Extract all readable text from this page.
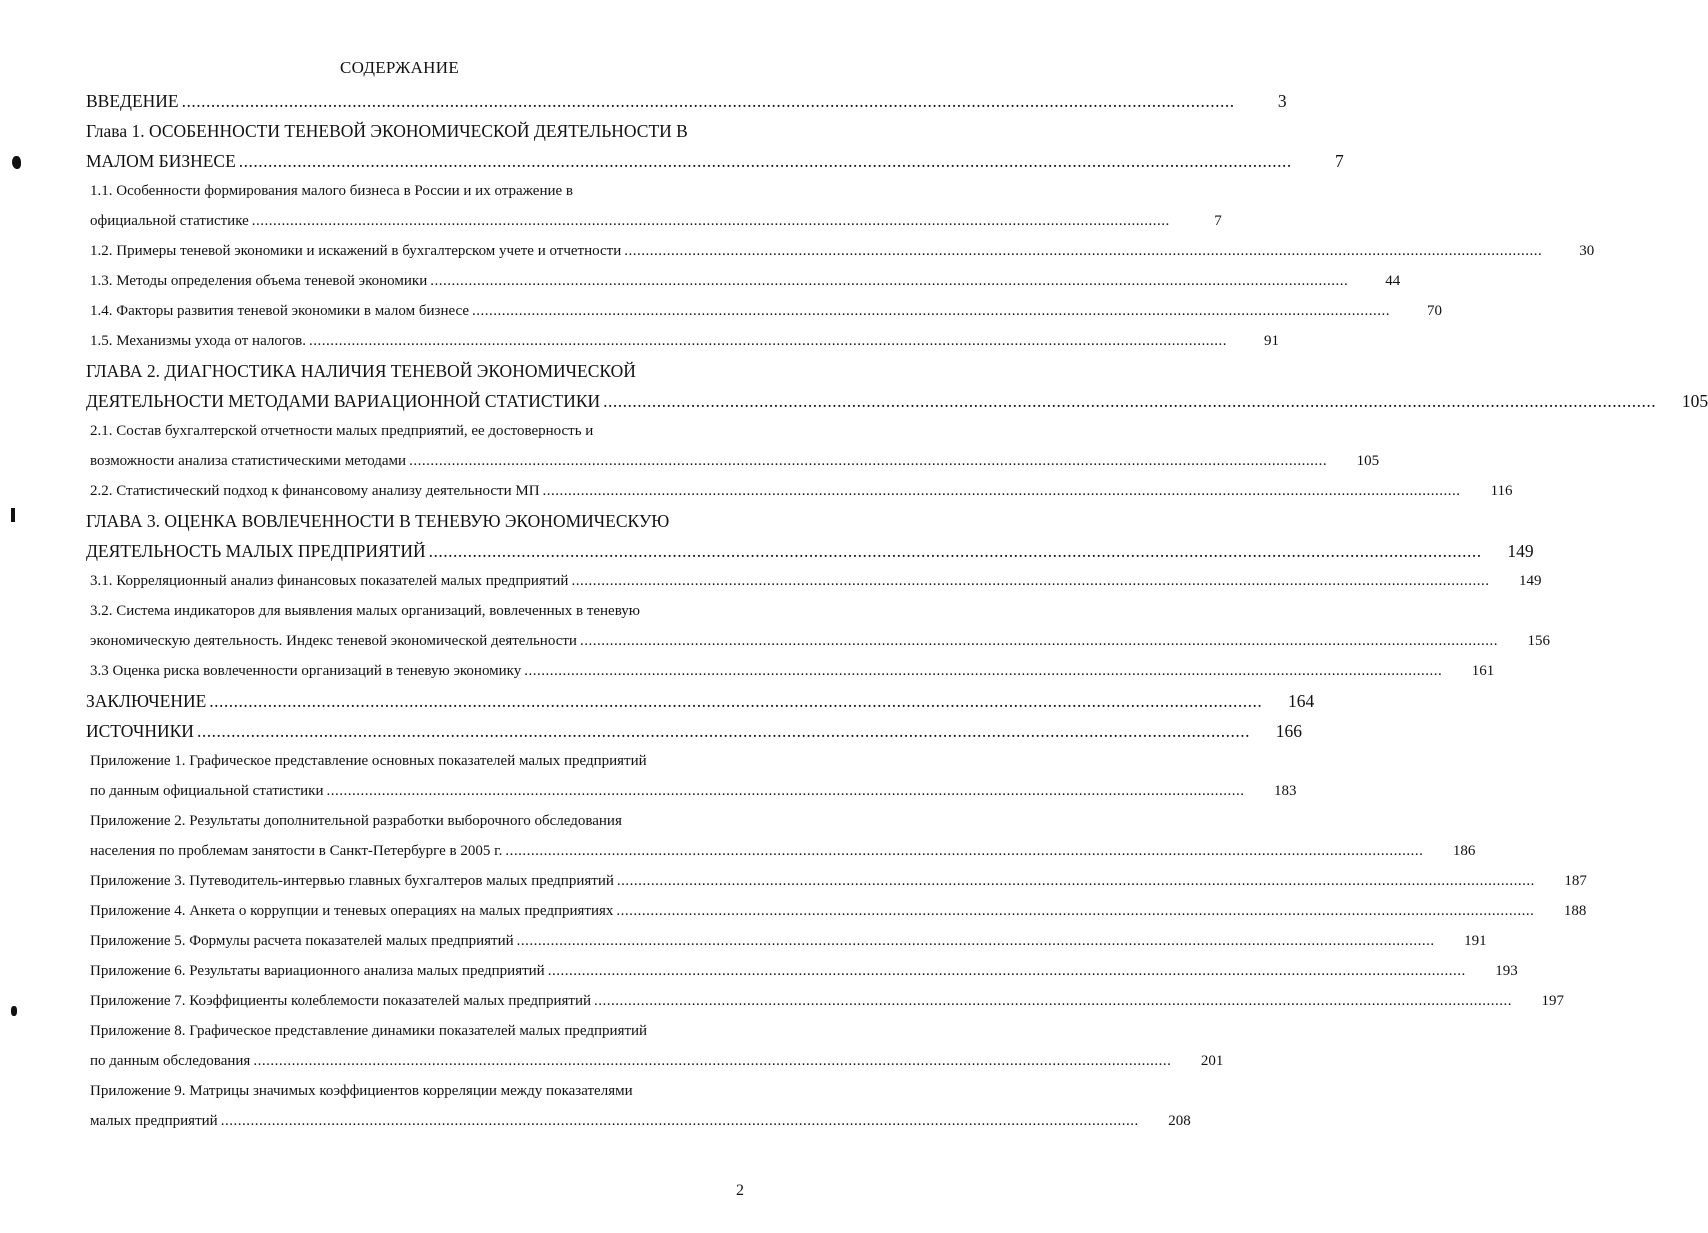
СОДЕРЖАНИЕ
ВВЕДЕНИЕ .....	3
Глава 1. ОСОБЕННОСТИ ТЕНЕВОЙ ЭКОНОМИЧЕСКОЙ ДЕЯТЕЛЬНОСТИ В
МАЛОМ БИЗНЕСЕ .....	7
1.1. Особенности формирования малого бизнеса в России и их отражение в
официальной статистике .....	7
1.2. Примеры теневой экономики и искажений в бухгалтерском учете и отчетности .....	30
1.3. Методы определения объема теневой экономики .....	44
1.4. Факторы развития теневой экономики в малом бизнесе .....	70
1.5. Механизмы ухода от налогов. .....	91
ГЛАВА 2. ДИАГНОСТИКА НАЛИЧИЯ ТЕНЕВОЙ ЭКОНОМИЧЕСКОЙ
ДЕЯТЕЛЬНОСТИ МЕТОДАМИ ВАРИАЦИОННОЙ СТАТИСТИКИ .....	105
2.1. Состав бухгалтерской отчетности малых предприятий, ее достоверность и
возможности анализа статистическими методами .....	105
2.2. Статистический подход к финансовому анализу деятельности МП .....	116
ГЛАВА 3. ОЦЕНКА ВОВЛЕЧЕННОСТИ В ТЕНЕВУЮ ЭКОНОМИЧЕСКУЮ
ДЕЯТЕЛЬНОСТЬ МАЛЫХ ПРЕДПРИЯТИЙ .....	149
3.1. Корреляционный анализ финансовых показателей малых предприятий .....	149
3.2. Система индикаторов для выявления малых организаций, вовлеченных в теневую
экономическую деятельность. Индекс теневой экономической деятельности .....	156
3.3 Оценка риска вовлеченности организаций в теневую экономику .....	161
ЗАКЛЮЧЕНИЕ .....	164
ИСТОЧНИКИ .....	166
Приложение 1. Графическое представление основных показателей малых предприятий
по данным официальной статистики .....	183
Приложение 2. Результаты дополнительной разработки выборочного обследования
населения по проблемам занятости в Санкт-Петербурге в 2005 г. .....	186
Приложение 3. Путеводитель-интервью главных бухгалтеров малых предприятий .....	187
Приложение 4. Анкета о коррупции и теневых операциях на малых предприятиях .....	188
Приложение 5. Формулы расчета показателей малых предприятий .....	191
Приложение 6. Результаты вариационного анализа малых предприятий .....	193
Приложение 7. Коэффициенты колеблемости показателей малых предприятий .....	197
Приложение 8. Графическое представление динамики показателей малых предприятий
по данным обследования .....	201
Приложение 9. Матрицы значимых коэффициентов корреляции между показателями
малых предприятий .....	208
2
